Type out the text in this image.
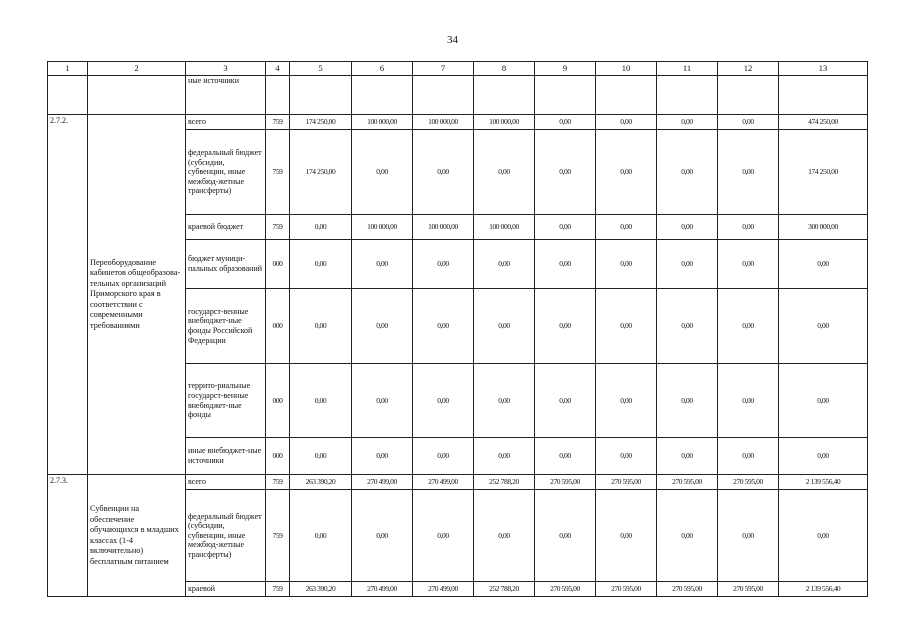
34
·
1	2	3	4	5	6	7	8	9	10	11	12	13
		ные источники										
2.7.2.	Переоборудование кабинетов общеобразова-тельных организаций Приморского края в соответствии с современными требованиями	всего	759	174 250,00	100 000,00	100 000,00	100 000,00	0,00	0,00	0,00	0,00	474 250,00
		федеральный бюджет (субсидии, субвенции, иные межбюд-жетные трансферты)	759	174 250,00	0,00	0,00	0,00	0,00	0,00	0,00	0,00	174 250,00
		краевой бюджет	759	0,00	100 000,00	100 000,00	100 000,00	0,00	0,00	0,00	0,00	300 000,00
		бюджет муници-пальных образований	000	0,00	0,00	0,00	0,00	0,00	0,00	0,00	0,00	0,00
		государст-венные внебюджет-ные фонды Российской Федерации	000	0,00	0,00	0,00	0,00	0,00	0,00	0,00	0,00	0,00
		террито-риальные государст-венные внебюджет-ные фонды	000	0,00	0,00	0,00	0,00	0,00	0,00	0,00	0,00	0,00
		иные внебюджет-ные источники	000	0,00	0,00	0,00	0,00	0,00	0,00	0,00	0,00	0,00
2.7.3.	Субвенции на обеспечение обучающихся в младших классах (1-4 включительно) бесплатным питанием	всего	759	263 390,20	270 499,00	270 499,00	252 788,20	270 595,00	270 595,00	270 595,00	270 595,00	2 139 556,40
		федеральный бюджет (субсидии, субвенции, иные межбюд-жетные трансферты)	759	0,00	0,00	0,00	0,00	0,00	0,00	0,00	0,00	0,00
		краевой	759	263 390,20	270 499,00	270 499,00	252 788,20	270 595,00	270 595,00	270 595,00	270 595,00	2 139 556,40
